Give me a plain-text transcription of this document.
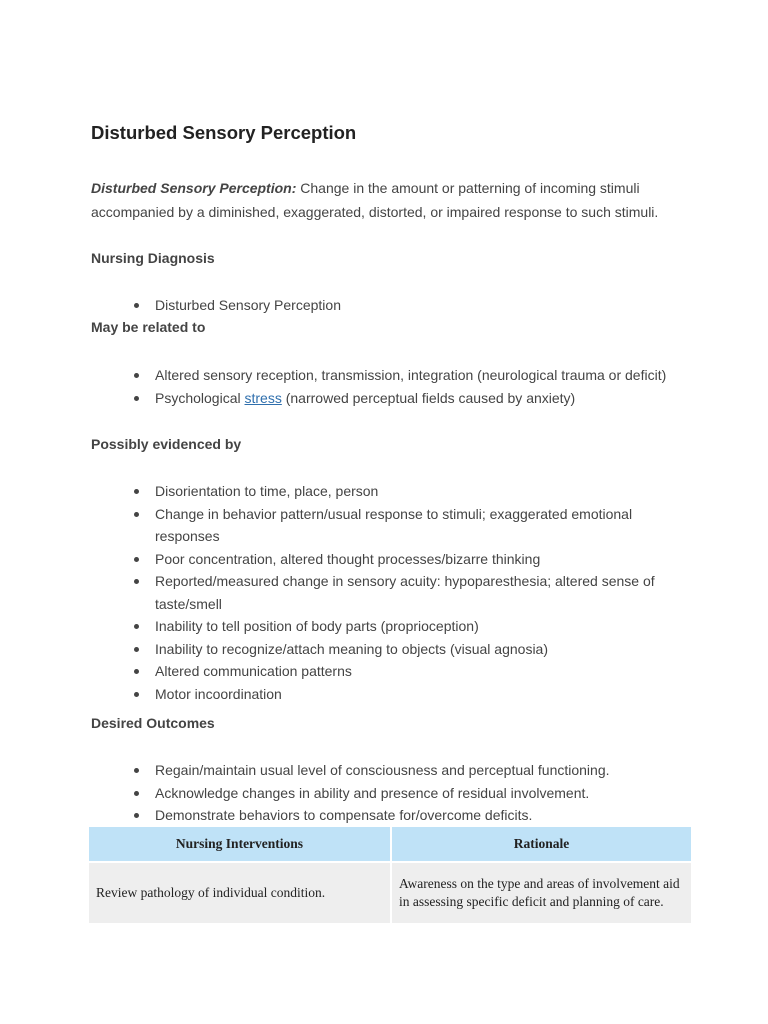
Disturbed Sensory Perception

Disturbed Sensory Perception: Change in the amount or patterning of incoming stimuli accompanied by a diminished, exaggerated, distorted, or impaired response to such stimuli.

Nursing Diagnosis
Disturbed Sensory Perception
May be related to
Altered sensory reception, transmission, integration (neurological trauma or deficit)
Psychological stress (narrowed perceptual fields caused by anxiety)
Possibly evidenced by
Disorientation to time, place, person
Change in behavior pattern/usual response to stimuli; exaggerated emotional responses
Poor concentration, altered thought processes/bizarre thinking
Reported/measured change in sensory acuity: hypoparesthesia; altered sense of taste/smell
Inability to tell position of body parts (proprioception)
Inability to recognize/attach meaning to objects (visual agnosia)
Altered communication patterns
Motor incoordination
Desired Outcomes
Regain/maintain usual level of consciousness and perceptual functioning.
Acknowledge changes in ability and presence of residual involvement.
Demonstrate behaviors to compensate for/overcome deficits.
Nursing Interventions	Rationale
Review pathology of individual condition.	Awareness on the type and areas of involvement aid in assessing specific deficit and planning of care.
